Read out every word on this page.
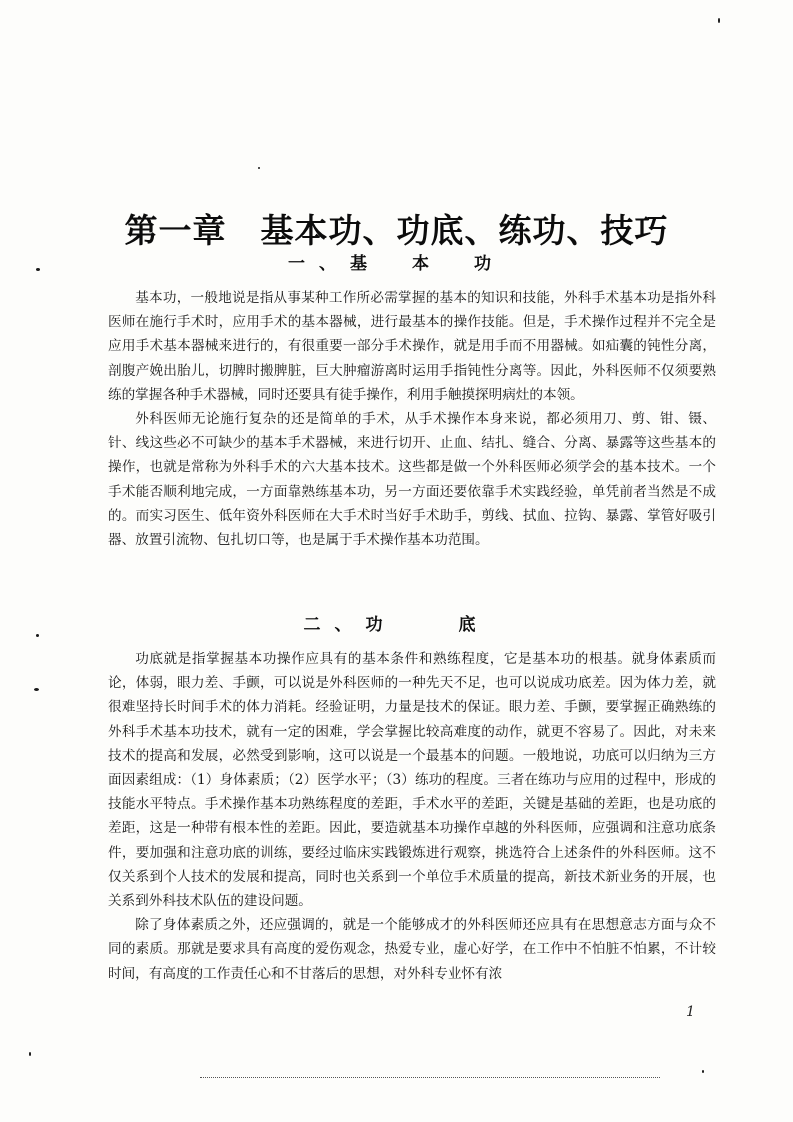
第一章　基本功、功底、练功、技巧
一、基　本　功

基本功，一般地说是指从事某种工作所必需掌握的基本的知识和技能，外科手术基本功是指外科医师在施行手术时，应用手术的基本器械，进行最基本的操作技能。但是，手术操作过程并不完全是应用手术基本器械来进行的，有很重要一部分手术操作，就是用手而不用器械。如疝囊的钝性分离，剖腹产娩出胎儿，切脾时搬脾脏，巨大肿瘤游离时运用手指钝性分离等。因此，外科医师不仅须要熟练的掌握各种手术器械，同时还要具有徒手操作，利用手触摸探明病灶的本领。

外科医师无论施行复杂的还是简单的手术，从手术操作本身来说，都必须用刀、剪、钳、镊、针、线这些必不可缺少的基本手术器械，来进行切开、止血、结扎、缝合、分离、暴露等这些基本的操作，也就是常称为外科手术的六大基本技术。这些都是做一个外科医师必须学会的基本技术。一个手术能否顺利地完成，一方面靠熟练基本功，另一方面还要依靠手术实践经验，单凭前者当然是不成的。而实习医生、低年资外科医师在大手术时当好手术助手，剪线、拭血、拉钩、暴露、掌管好吸引器、放置引流物、包扎切口等，也是属于手术操作基本功范围。

二、功　　底

功底就是指掌握基本功操作应具有的基本条件和熟练程度，它是基本功的根基。就身体素质而论，体弱，眼力差、手颤，可以说是外科医师的一种先天不足，也可以说成功底差。因为体力差，就很难坚持长时间手术的体力消耗。经验证明，力量是技术的保证。眼力差、手颤，要掌握正确熟练的外科手术基本功技术，就有一定的困难，学会掌握比较高难度的动作，就更不容易了。因此，对未来技术的提高和发展，必然受到影响，这可以说是一个最基本的问题。一般地说，功底可以归纳为三方面因素组成：（1）身体素质；（2）医学水平；（3）练功的程度。三者在练功与应用的过程中，形成的技能水平特点。手术操作基本功熟练程度的差距，手术水平的差距，关键是基础的差距，也是功底的差距，这是一种带有根本性的差距。因此，要造就基本功操作卓越的外科医师，应强调和注意功底条件，要加强和注意功底的训练，要经过临床实践锻炼进行观察，挑选符合上述条件的外科医师。这不仅关系到个人技术的发展和提高，同时也关系到一个单位手术质量的提高，新技术新业务的开展，也关系到外科技术队伍的建设问题。

除了身体素质之外，还应强调的，就是一个能够成才的外科医师还应具有在思想意志方面与众不同的素质。那就是要求具有高度的爱伤观念，热爱专业，虚心好学，在工作中不怕脏不怕累，不计较时间，有高度的工作责任心和不甘落后的思想，对外科专业怀有浓

1
